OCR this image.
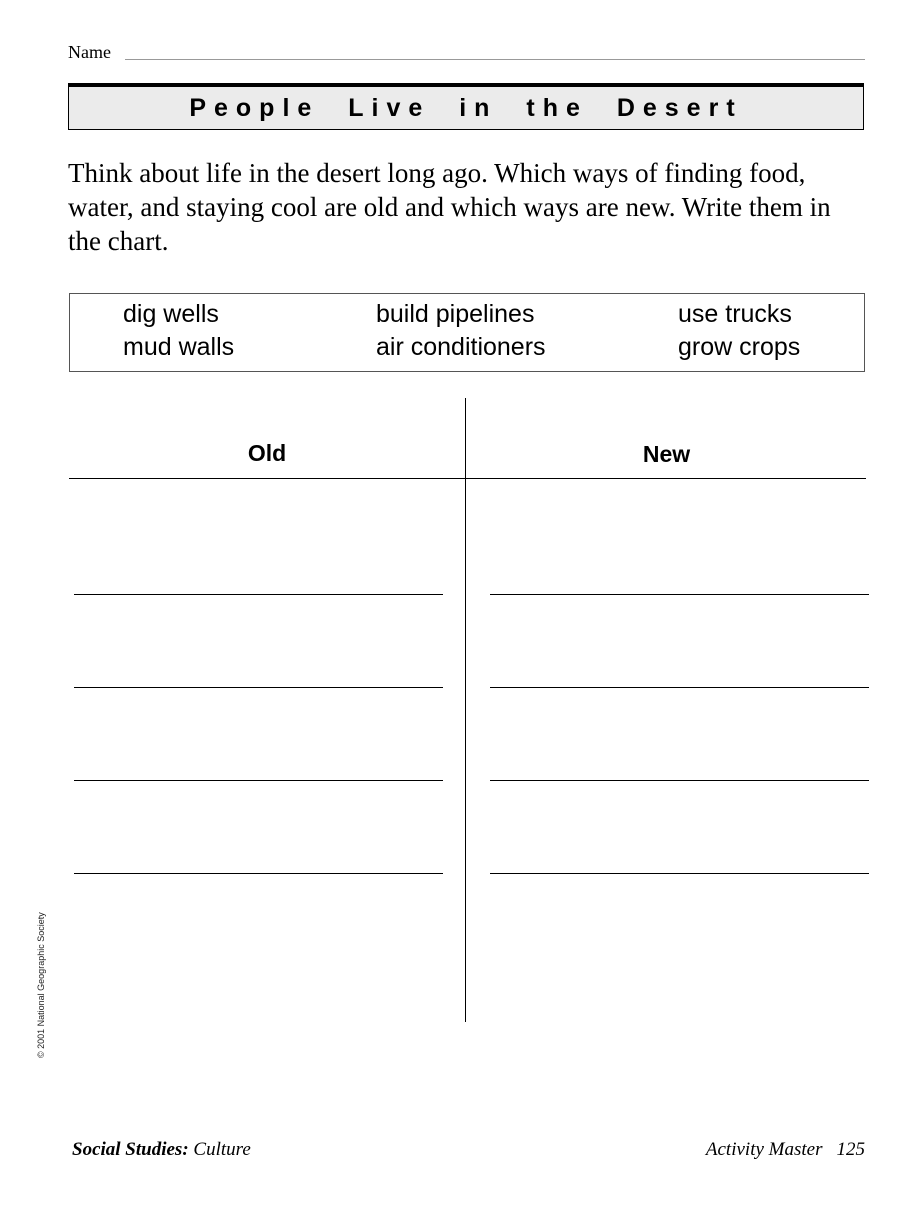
Name
People Live in the Desert
Think about life in the desert long ago. Which ways of finding food, water, and staying cool are old and which ways are new. Write them in the chart.
dig wells	build pipelines	use trucks
mud walls	air conditioners	grow crops
Old	New
© 2001 National Geographic Society
Social Studies: Culture	Activity Master 125
